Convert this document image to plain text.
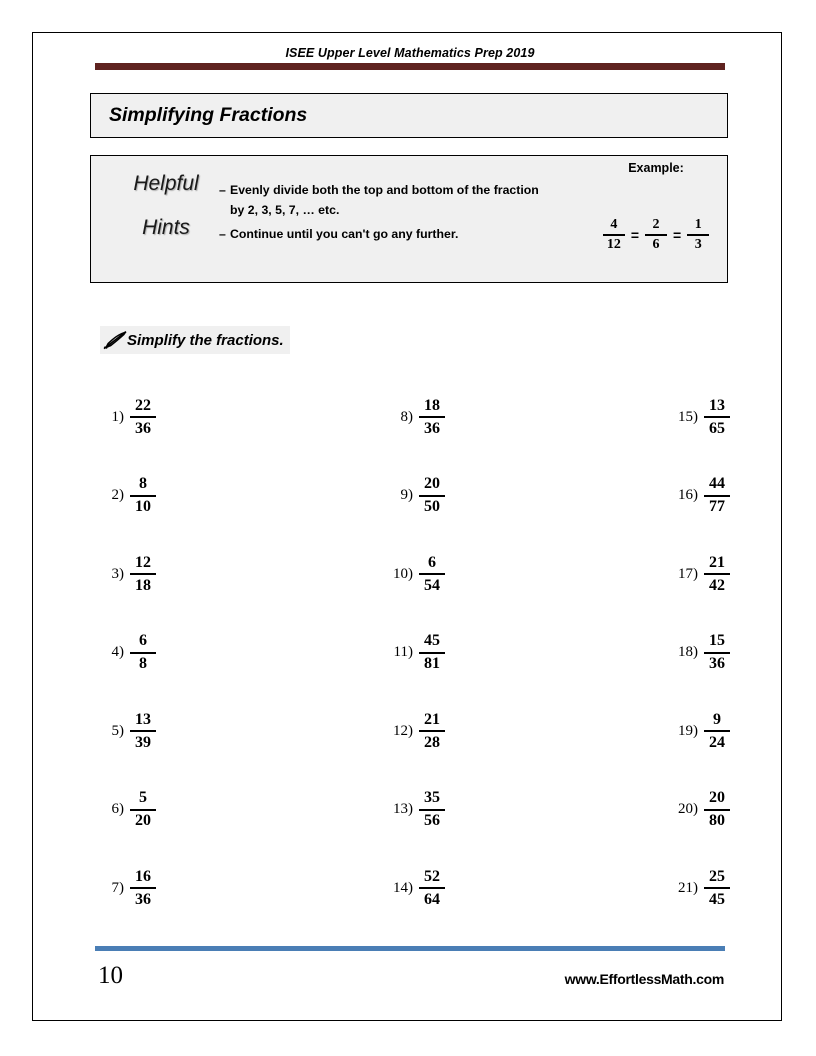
ISEE Upper Level Mathematics Prep 2019
Simplifying Fractions
Helpful
Hints
– Evenly divide both the top and bottom of the fraction by 2, 3, 5, 7, … etc.
– Continue until you can't go any further.
Example:
$\frac{4}{12} = \frac{2}{6} = \frac{1}{3}$
Simplify the fractions.
$1) \frac{22}{36}$	$8) \frac{18}{36}$	$15) \frac{13}{65}$
$2) \frac{8}{10}$	$9) \frac{20}{50}$	$16) \frac{44}{77}$
$3) \frac{12}{18}$	$10) \frac{6}{54}$	$17) \frac{21}{42}$
$4) \frac{6}{8}$	$11) \frac{45}{81}$	$18) \frac{15}{36}$
$5) \frac{13}{39}$	$12) \frac{21}{28}$	$19) \frac{9}{24}$
$6) \frac{5}{20}$	$13) \frac{35}{56}$	$20) \frac{20}{80}$
$7) \frac{16}{36}$	$14) \frac{52}{64}$	$21) \frac{25}{45}$
10	www.EffortlessMath.com
